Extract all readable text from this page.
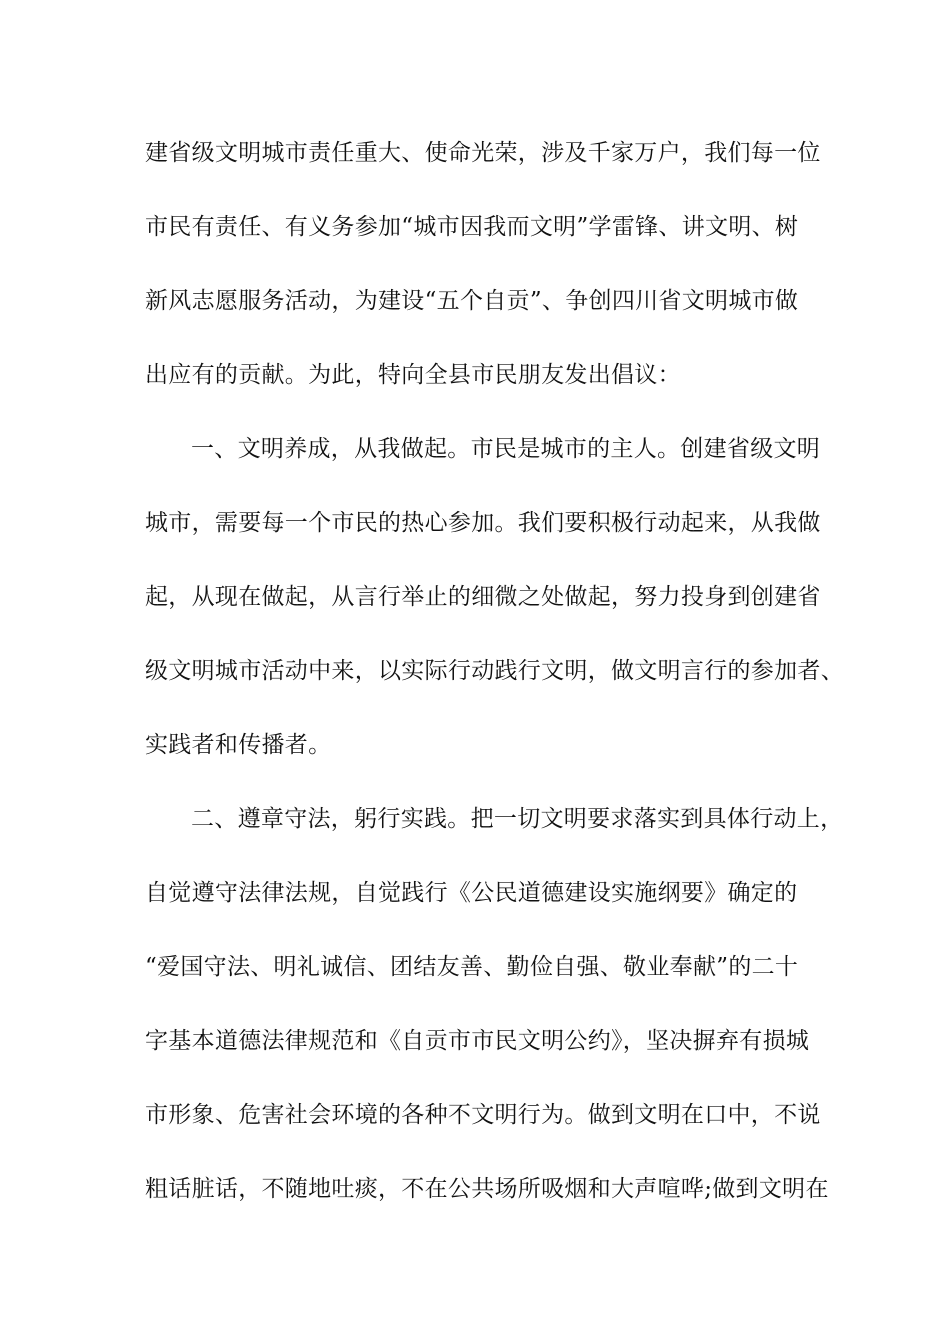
建省级文明城市责任重大、使命光荣，涉及千家万户，我们每一位
市民有责任、有义务参加“城市因我而文明”学雷锋、讲文明、树
新风志愿服务活动，为建设“五个自贡”、争创四川省文明城市做
出应有的贡献。为此，特向全县市民朋友发出倡议：
一、文明养成，从我做起。市民是城市的主人。创建省级文明
城市，需要每一个市民的热心参加。我们要积极行动起来，从我做
起，从现在做起，从言行举止的细微之处做起，努力投身到创建省
级文明城市活动中来，以实际行动践行文明，做文明言行的参加者、
实践者和传播者。
二、遵章守法，躬行实践。把一切文明要求落实到具体行动上，
自觉遵守法律法规，自觉践行《公民道德建设实施纲要》确定的
“爱国守法、明礼诚信、团结友善、勤俭自强、敬业奉献”的二十
字基本道德法律规范和《自贡市市民文明公约》，坚决摒弃有损城
市形象、危害社会环境的各种不文明行为。做到文明在口中，不说
粗话脏话，不随地吐痰，不在公共场所吸烟和大声喧哗;做到文明在
